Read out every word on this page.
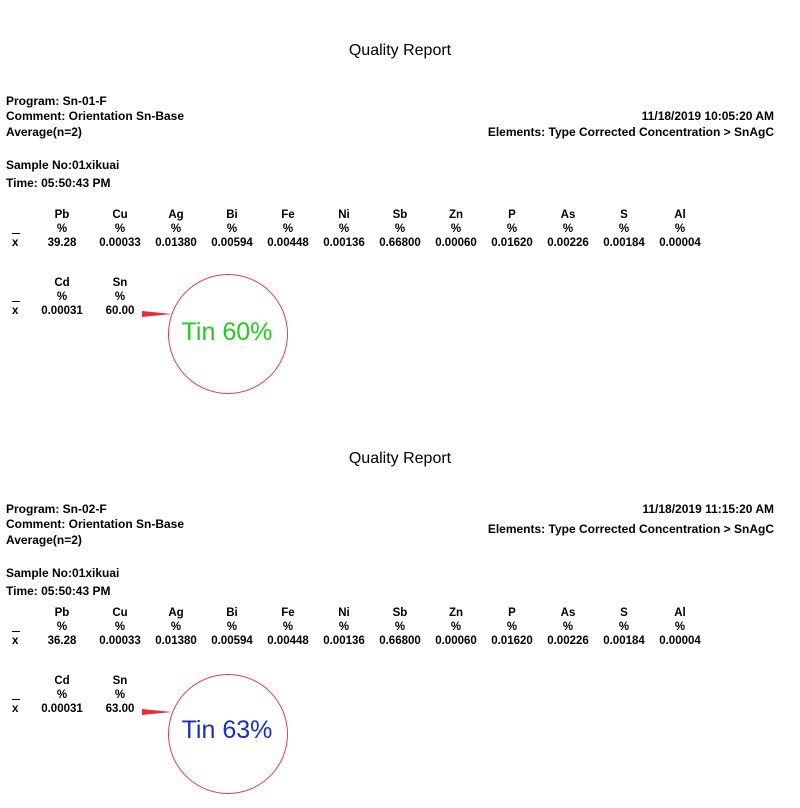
Quality Report
Program: Sn-01-F
Comment: Orientation Sn-Base	11/18/2019 10:05:20 AM
Average(n=2)	Elements: Type Corrected Concentration > SnAgC
Sample No:01xikuai
Time: 05:50:43 PM
	Pb	Cu	Ag	Bi	Fe	Ni	Sb	Zn	P	As	S	Al
	%	%	%	%	%	%	%	%	%	%	%	%
x	39.28	0.00033	0.01380	0.00594	0.00448	0.00136	0.66800	0.00060	0.01620	0.00226	0.00184	0.00004
	Cd	Sn
	%	%
x	0.00031	60.00
Tin 60%
Quality Report
Program: Sn-02-F
Comment: Orientation Sn-Base
11/18/2019 11:15:20 AM
Average(n=2)
Elements: Type Corrected Concentration > SnAgC
Sample No:01xikuai
Time: 05:50:43 PM
	Pb	Cu	Ag	Bi	Fe	Ni	Sb	Zn	P	As	S	Al
	%	%	%	%	%	%	%	%	%	%	%	%
x	36.28	0.00033	0.01380	0.00594	0.00448	0.00136	0.66800	0.00060	0.01620	0.00226	0.00184	0.00004
	Cd	Sn
	%	%
x	0.00031	63.00
Tin 63%
